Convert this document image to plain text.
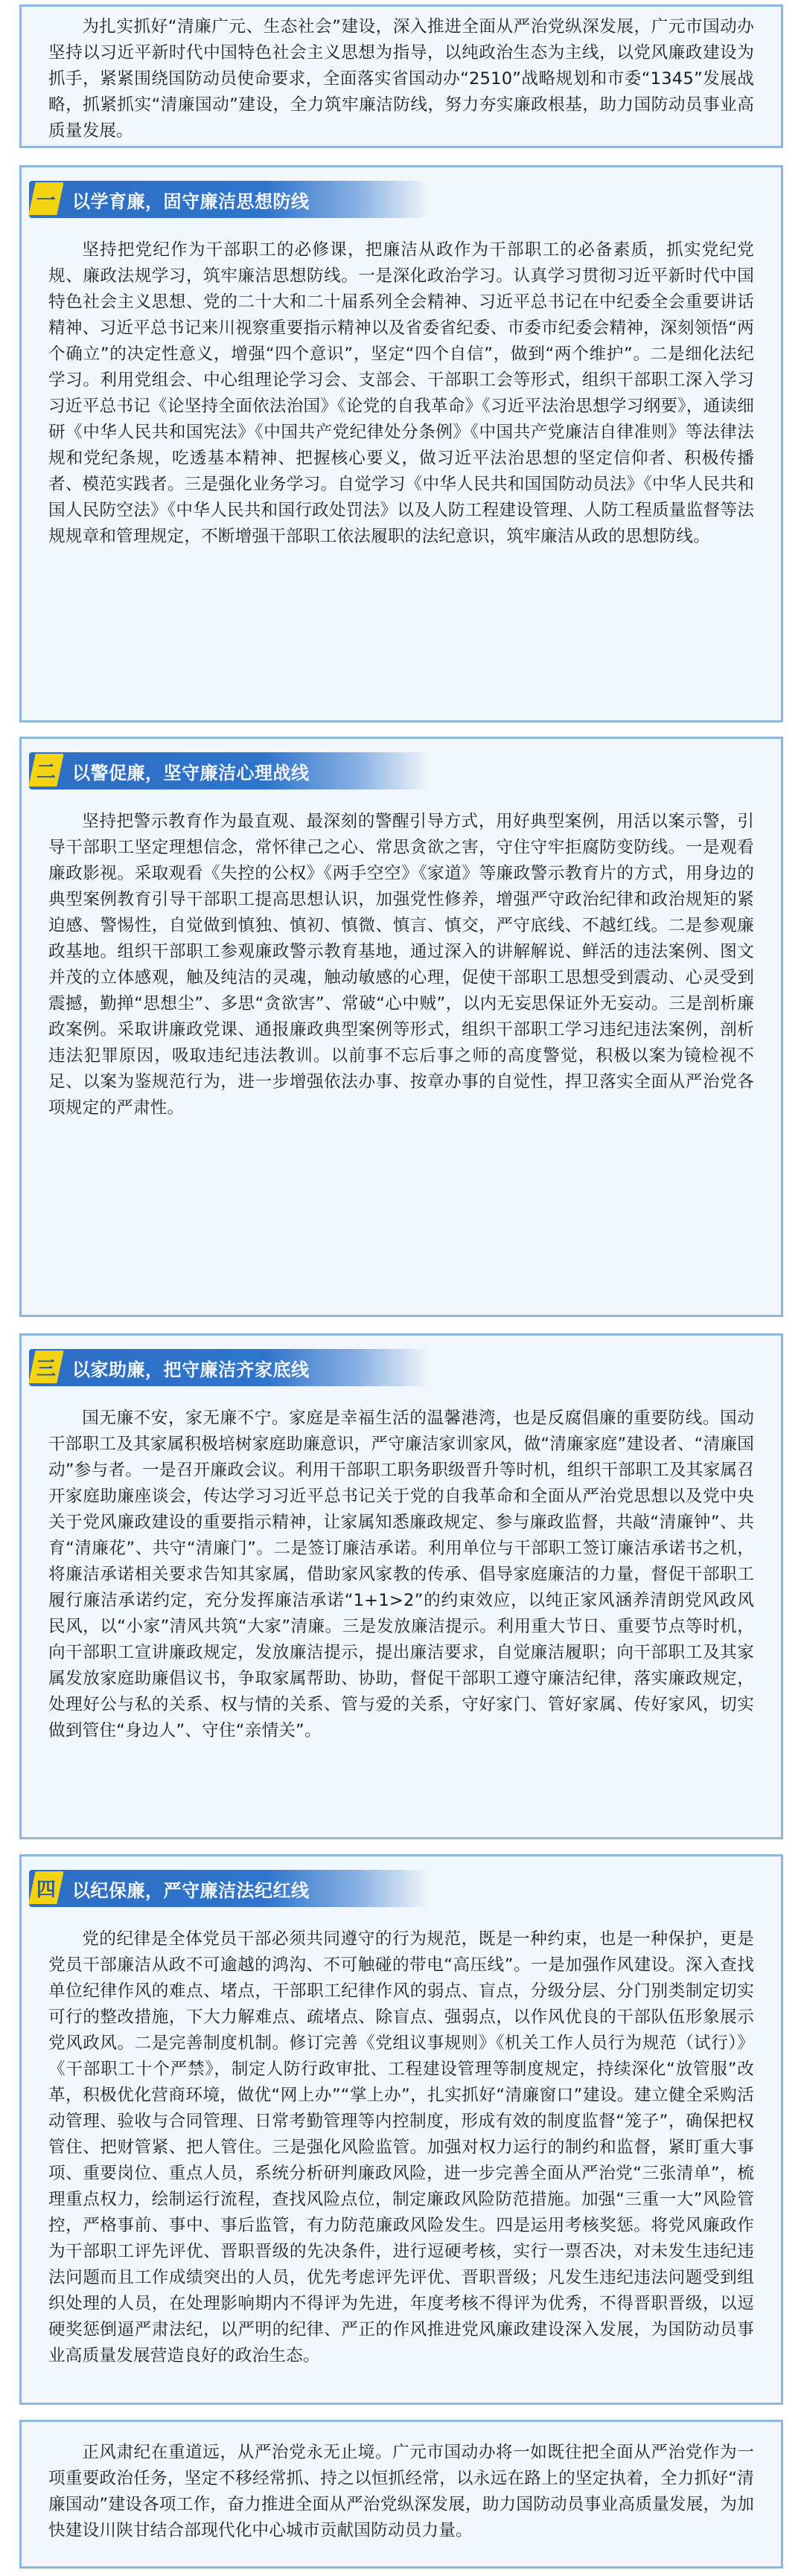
为扎实抓好“清廉广元、生态社会”建设，深入推进全面从严治党纵深发展，广元市国动办坚持以习近平新时代中国特色社会主义思想为指导，以纯政治生态为主线，以党风廉政建设为抓手，紧紧围绕国防动员使命要求，全面落实省国动办“2510”战略规划和市委“1345”发展战略，抓紧抓实“清廉国动”建设，全力筑牢廉洁防线，努力夯实廉政根基，助力国防动员事业高质量发展。

一 以学育廉，固守廉洁思想防线

坚持把党纪作为干部职工的必修课，把廉洁从政作为干部职工的必备素质，抓实党纪党规、廉政法规学习，筑牢廉洁思想防线。一是深化政治学习。认真学习贯彻习近平新时代中国特色社会主义思想、党的二十大和二十届系列全会精神、习近平总书记在中纪委全会重要讲话精神、习近平总书记来川视察重要指示精神以及省委省纪委、市委市纪委会精神，深刻领悟“两个确立”的决定性意义，增强“四个意识”，坚定“四个自信”，做到“两个维护”。二是细化法纪学习。利用党组会、中心组理论学习会、支部会、干部职工会等形式，组织干部职工深入学习习近平总书记《论坚持全面依法治国》《论党的自我革命》《习近平法治思想学习纲要》，通读细研《中华人民共和国宪法》《中国共产党纪律处分条例》《中国共产党廉洁自律准则》等法律法规和党纪条规，吃透基本精神、把握核心要义，做习近平法治思想的坚定信仰者、积极传播者、模范实践者。三是强化业务学习。自觉学习《中华人民共和国国防动员法》《中华人民共和国人民防空法》《中华人民共和国行政处罚法》以及人防工程建设管理、人防工程质量监督等法规规章和管理规定，不断增强干部职工依法履职的法纪意识，筑牢廉洁从政的思想防线。

二 以警促廉，坚守廉洁心理战线

坚持把警示教育作为最直观、最深刻的警醒引导方式，用好典型案例，用活以案示警，引导干部职工坚定理想信念，常怀律己之心、常思贪欲之害，守住守牢拒腐防变防线。一是观看廉政影视。采取观看《失控的公权》《两手空空》《家道》等廉政警示教育片的方式，用身边的典型案例教育引导干部职工提高思想认识，加强党性修养，增强严守政治纪律和政治规矩的紧迫感、警惕性，自觉做到慎独、慎初、慎微、慎言、慎交，严守底线、不越红线。二是参观廉政基地。组织干部职工参观廉政警示教育基地，通过深入的讲解解说、鲜活的违法案例、图文并茂的立体感观，触及纯洁的灵魂，触动敏感的心理，促使干部职工思想受到震动、心灵受到震撼，勤掸“思想尘”、多思“贪欲害”、常破“心中贼”，以内无妄思保证外无妄动。三是剖析廉政案例。采取讲廉政党课、通报廉政典型案例等形式，组织干部职工学习违纪违法案例，剖析违法犯罪原因，吸取违纪违法教训。以前事不忘后事之师的高度警觉，积极以案为镜检视不足、以案为鉴规范行为，进一步增强依法办事、按章办事的自觉性，捍卫落实全面从严治党各项规定的严肃性。

三 以家助廉，把守廉洁齐家底线

国无廉不安，家无廉不宁。家庭是幸福生活的温馨港湾，也是反腐倡廉的重要防线。国动干部职工及其家属积极培树家庭助廉意识，严守廉洁家训家风，做“清廉家庭”建设者、“清廉国动”参与者。一是召开廉政会议。利用干部职工职务职级晋升等时机，组织干部职工及其家属召开家庭助廉座谈会，传达学习习近平总书记关于党的自我革命和全面从严治党思想以及党中央关于党风廉政建设的重要指示精神，让家属知悉廉政规定、参与廉政监督，共敲“清廉钟”、共育“清廉花”、共守“清廉门”。二是签订廉洁承诺。利用单位与干部职工签订廉洁承诺书之机，将廉洁承诺相关要求告知其家属，借助家风家教的传承、倡导家庭廉洁的力量，督促干部职工履行廉洁承诺约定，充分发挥廉洁承诺“1+1>2”的约束效应，以纯正家风涵养清朗党风政风民风，以“小家”清风共筑“大家”清廉。三是发放廉洁提示。利用重大节日、重要节点等时机，向干部职工宣讲廉政规定，发放廉洁提示，提出廉洁要求，自觉廉洁履职；向干部职工及其家属发放家庭助廉倡议书，争取家属帮助、协助，督促干部职工遵守廉洁纪律，落实廉政规定，处理好公与私的关系、权与情的关系、管与爱的关系，守好家门、管好家属、传好家风，切实做到管住“身边人”、守住“亲情关”。

四 以纪保廉，严守廉洁法纪红线

党的纪律是全体党员干部必须共同遵守的行为规范，既是一种约束，也是一种保护，更是党员干部廉洁从政不可逾越的鸿沟、不可触碰的带电“高压线”。一是加强作风建设。深入查找单位纪律作风的难点、堵点，干部职工纪律作风的弱点、盲点，分级分层、分门别类制定切实可行的整改措施，下大力解难点、疏堵点、除盲点、强弱点，以作风优良的干部队伍形象展示党风政风。二是完善制度机制。修订完善《党组议事规则》《机关工作人员行为规范（试行）》《干部职工十个严禁》，制定人防行政审批、工程建设管理等制度规定，持续深化“放管服”改革，积极优化营商环境，做优“网上办”“掌上办”，扎实抓好“清廉窗口”建设。建立健全采购活动管理、验收与合同管理、日常考勤管理等内控制度，形成有效的制度监督“笼子”，确保把权管住、把财管紧、把人管住。三是强化风险监管。加强对权力运行的制约和监督，紧盯重大事项、重要岗位、重点人员，系统分析研判廉政风险，进一步完善全面从严治党“三张清单”，梳理重点权力，绘制运行流程，查找风险点位，制定廉政风险防范措施。加强“三重一大”风险管控，严格事前、事中、事后监管，有力防范廉政风险发生。四是运用考核奖惩。将党风廉政作为干部职工评先评优、晋职晋级的先决条件，进行逗硬考核，实行一票否决，对未发生违纪违法问题而且工作成绩突出的人员，优先考虑评先评优、晋职晋级；凡发生违纪违法问题受到组织处理的人员，在处理影响期内不得评为先进，年度考核不得评为优秀，不得晋职晋级，以逗硬奖惩倒逼严肃法纪，以严明的纪律、严正的作风推进党风廉政建设深入发展，为国防动员事业高质量发展营造良好的政治生态。

正风肃纪在重道远，从严治党永无止境。广元市国动办将一如既往把全面从严治党作为一项重要政治任务，坚定不移经常抓、持之以恒抓经常，以永远在路上的坚定执着，全力抓好“清廉国动”建设各项工作，奋力推进全面从严治党纵深发展，助力国防动员事业高质量发展，为加快建设川陕甘结合部现代化中心城市贡献国防动员力量。
